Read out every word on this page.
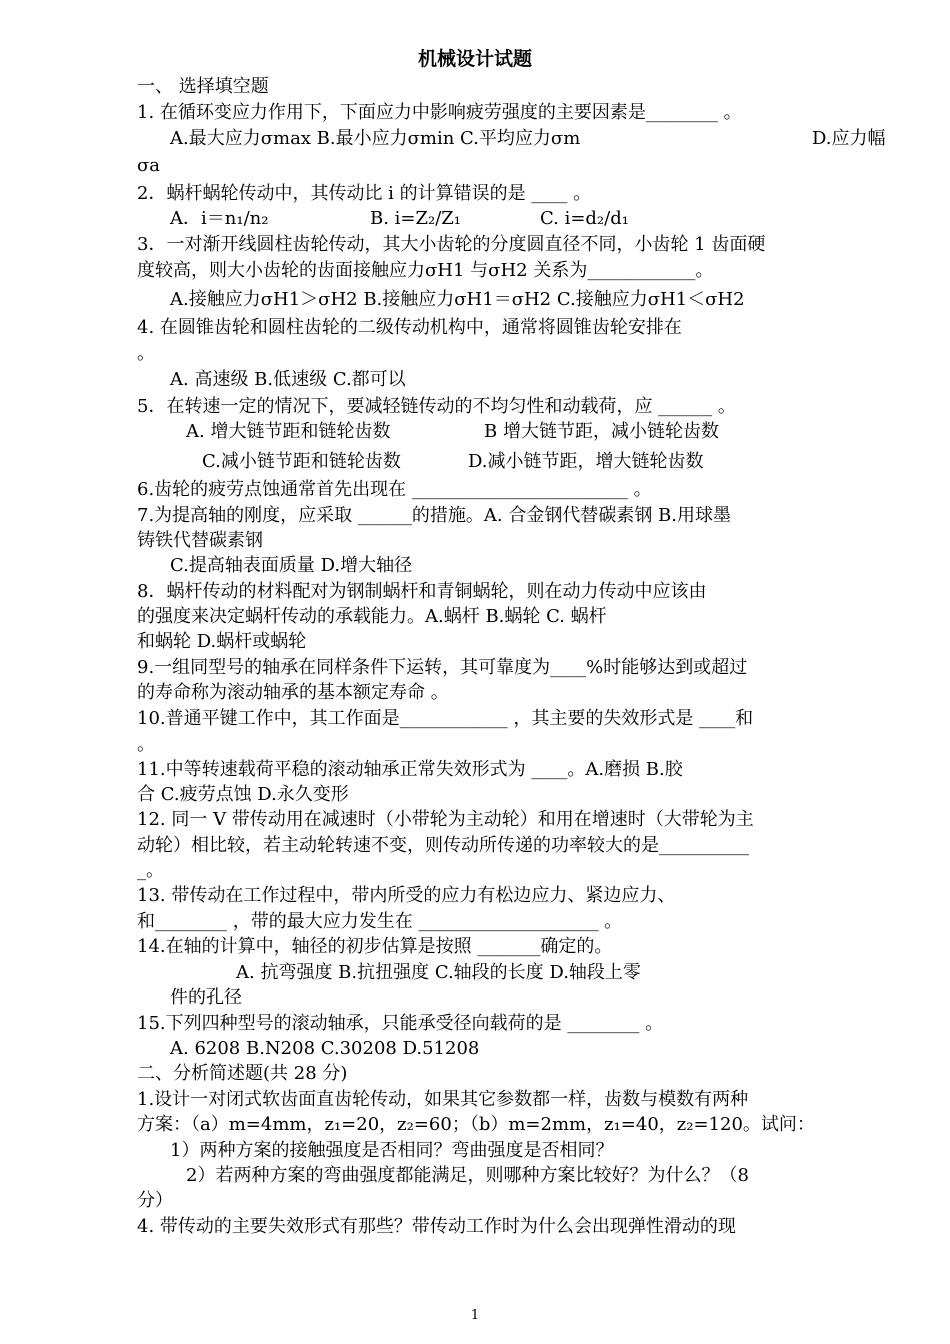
机械设计试题
一、 选择填空题
1. 在循环变应力作用下，下面应力中影响疲劳强度的主要因素是________ 。
A.最大应力σmax B.最小应力σmin C.平均应力σm	D.应力幅
σa
2．蜗杆蜗轮传动中，其传动比 i 的计算错误的是 ____ 。
A．i＝n₁/n₂	B. i=Z₂/Z₁	C. i=d₂/d₁
3．一对渐开线圆柱齿轮传动，其大小齿轮的分度圆直径不同，小齿轮 1 齿面硬
度较高，则大小齿轮的齿面接触应力σH1 与σH2 关系为____________。
A.接触应力σH1＞σH2 B.接触应力σH1＝σH2 C.接触应力σH1＜σH2
4. 在圆锥齿轮和圆柱齿轮的二级传动机构中，通常将圆锥齿轮安排在
。
A. 高速级 B.低速级 C.都可以
5．在转速一定的情况下，要减轻链传动的不均匀性和动载荷，应 ______ 。
A. 增大链节距和链轮齿数	B 增大链节距，减小链轮齿数
C.减小链节距和链轮齿数	D.减小链节距，增大链轮齿数
6.齿轮的疲劳点蚀通常首先出现在 ________________________ 。
7.为提高轴的刚度，应采取 ______的措施。A. 合金钢代替碳素钢 B.用球墨
铸铁代替碳素钢
C.提高轴表面质量 D.增大轴径
8．蜗杆传动的材料配对为钢制蜗杆和青铜蜗轮，则在动力传动中应该由
的强度来决定蜗杆传动的承载能力。A.蜗杆 B.蜗轮 C. 蜗杆
和蜗轮 D.蜗杆或蜗轮
9.一组同型号的轴承在同样条件下运转，其可靠度为____%时能够达到或超过
的寿命称为滚动轴承的基本额定寿命 。
10.普通平键工作中，其工作面是____________ ，其主要的失效形式是 ____和
。
11.中等转速载荷平稳的滚动轴承正常失效形式为 ____。A.磨损 B.胶
合 C.疲劳点蚀 D.永久变形
12. 同一 V 带传动用在减速时（小带轮为主动轮）和用在增速时（大带轮为主
动轮）相比较，若主动轮转速不变，则传动所传递的功率较大的是__________
_。
13. 带传动在工作过程中，带内所受的应力有松边应力、紧边应力、
和________ ，带的最大应力发生在 ____________________ 。
14.在轴的计算中，轴径的初步估算是按照 _______确定的。
A. 抗弯强度 B.抗扭强度 C.轴段的长度 D.轴段上零
件的孔径
15.下列四种型号的滚动轴承，只能承受径向载荷的是 ________ 。
A. 6208 B.N208 C.30208 D.51208
二、分析简述题(共 28 分)
1.设计一对闭式软齿面直齿轮传动，如果其它参数都一样，齿数与模数有两种
方案：（a）m=4mm，z₁=20，z₂=60；（b）m=2mm，z₁=40，z₂=120。试问：
1）两种方案的接触强度是否相同？弯曲强度是否相同？
2）若两种方案的弯曲强度都能满足，则哪种方案比较好？为什么？（8
分）
4. 带传动的主要失效形式有那些？带传动工作时为什么会出现弹性滑动的现
1
